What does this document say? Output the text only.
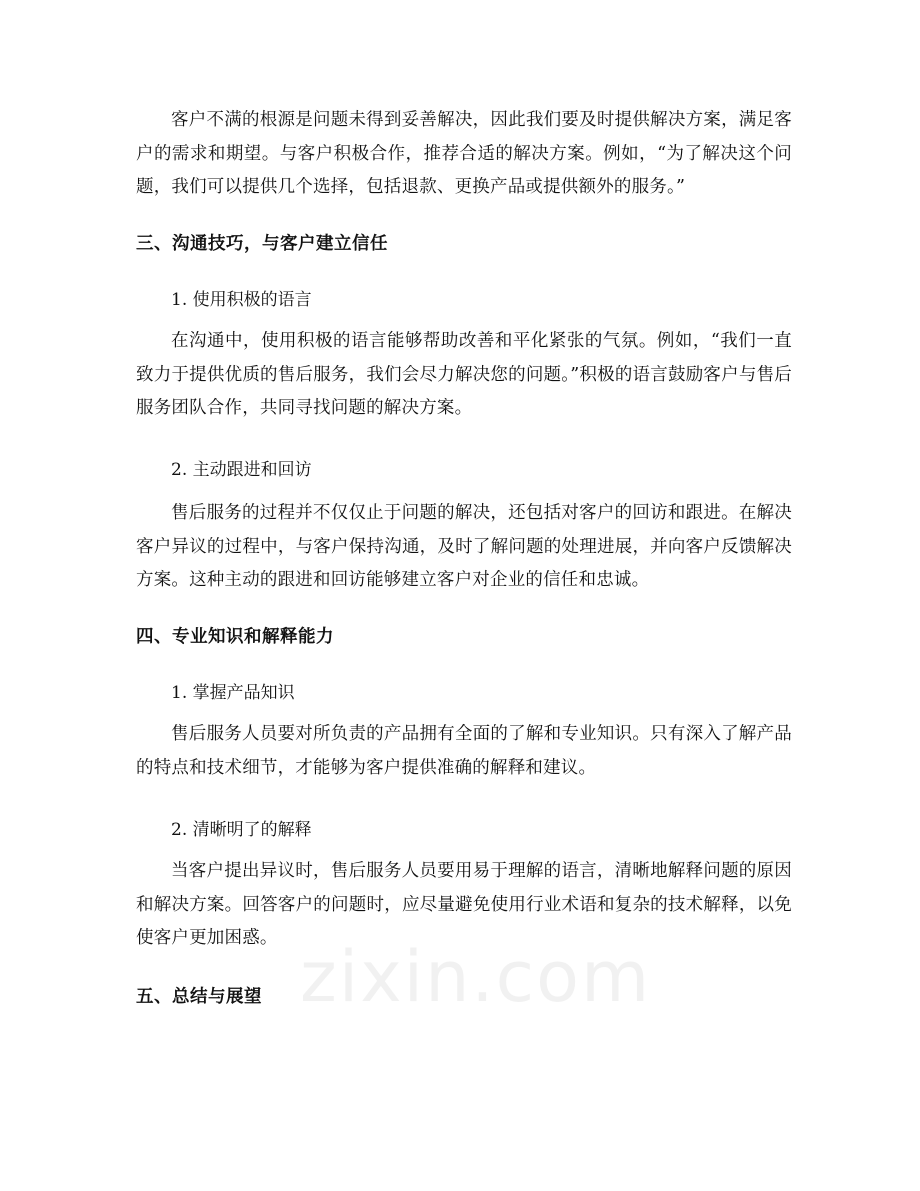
客户不满的根源是问题未得到妥善解决，因此我们要及时提供解决方案，满足客户的需求和期望。与客户积极合作，推荐合适的解决方案。例如，“为了解决这个问题，我们可以提供几个选择，包括退款、更换产品或提供额外的服务。”

三、沟通技巧，与客户建立信任

1. 使用积极的语言

在沟通中，使用积极的语言能够帮助改善和平化紧张的气氛。例如，“我们一直致力于提供优质的售后服务，我们会尽力解决您的问题。”积极的语言鼓励客户与售后服务团队合作，共同寻找问题的解决方案。

2. 主动跟进和回访

售后服务的过程并不仅仅止于问题的解决，还包括对客户的回访和跟进。在解决客户异议的过程中，与客户保持沟通，及时了解问题的处理进展，并向客户反馈解决方案。这种主动的跟进和回访能够建立客户对企业的信任和忠诚。

四、专业知识和解释能力

1. 掌握产品知识

售后服务人员要对所负责的产品拥有全面的了解和专业知识。只有深入了解产品的特点和技术细节，才能够为客户提供准确的解释和建议。

2. 清晰明了的解释

当客户提出异议时，售后服务人员要用易于理解的语言，清晰地解释问题的原因和解决方案。回答客户的问题时，应尽量避免使用行业术语和复杂的技术解释，以免使客户更加困惑。

五、总结与展望 zixin.com
